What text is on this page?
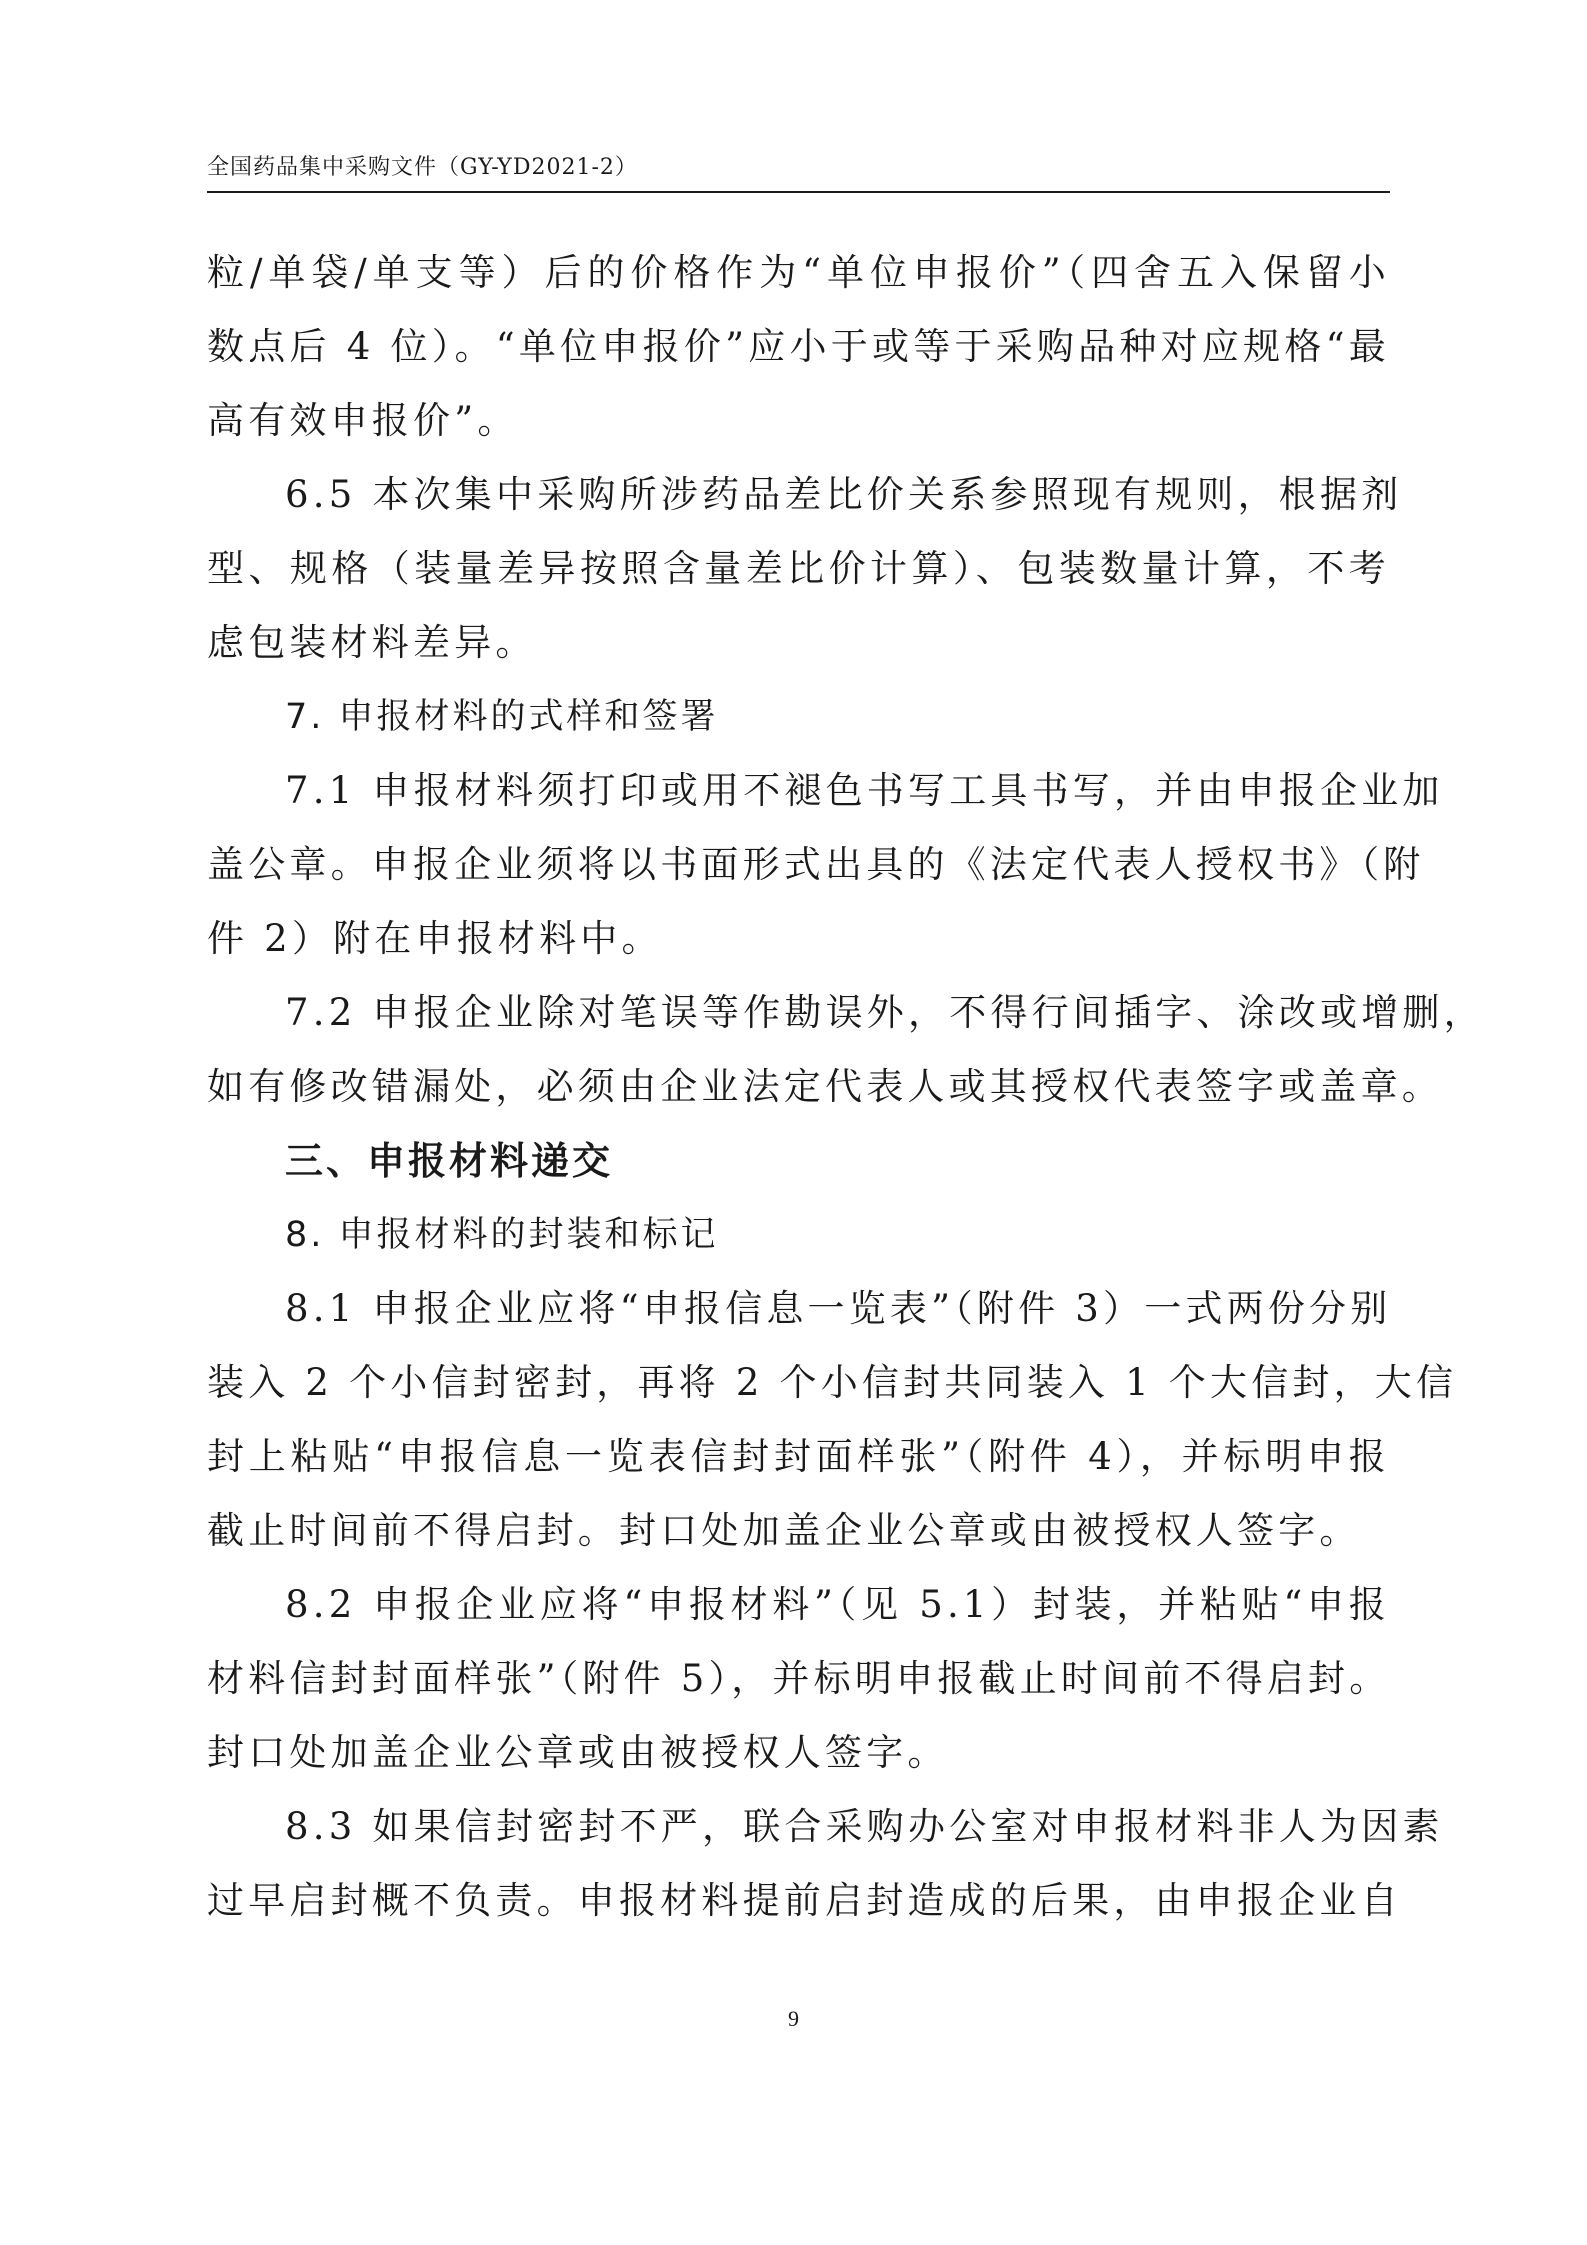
全国药品集中采购文件（GY-YD2021-2）
粒/单袋/单支等）后的价格作为“单位申报价”（四舍五入保留小
数点后 4 位）。“单位申报价”应小于或等于采购品种对应规格“最
高有效申报价”。
6.5 本次集中采购所涉药品差比价关系参照现有规则，根据剂
型、规格（装量差异按照含量差比价计算）、包装数量计算，不考
虑包装材料差异。
7. 申报材料的式样和签署
7.1 申报材料须打印或用不褪色书写工具书写，并由申报企业加
盖公章。申报企业须将以书面形式出具的《法定代表人授权书》（附
件 2）附在申报材料中。
7.2 申报企业除对笔误等作勘误外，不得行间插字、涂改或增删，
如有修改错漏处，必须由企业法定代表人或其授权代表签字或盖章。
三、申报材料递交
8. 申报材料的封装和标记
8.1 申报企业应将“申报信息一览表”（附件 3）一式两份分别
装入 2 个小信封密封，再将 2 个小信封共同装入 1 个大信封，大信
封上粘贴“申报信息一览表信封封面样张”（附件 4），并标明申报
截止时间前不得启封。封口处加盖企业公章或由被授权人签字。
8.2 申报企业应将“申报材料”（见 5.1）封装，并粘贴“申报
材料信封封面样张”（附件 5），并标明申报截止时间前不得启封。
封口处加盖企业公章或由被授权人签字。
8.3 如果信封密封不严，联合采购办公室对申报材料非人为因素
过早启封概不负责。申报材料提前启封造成的后果，由申报企业自
9
